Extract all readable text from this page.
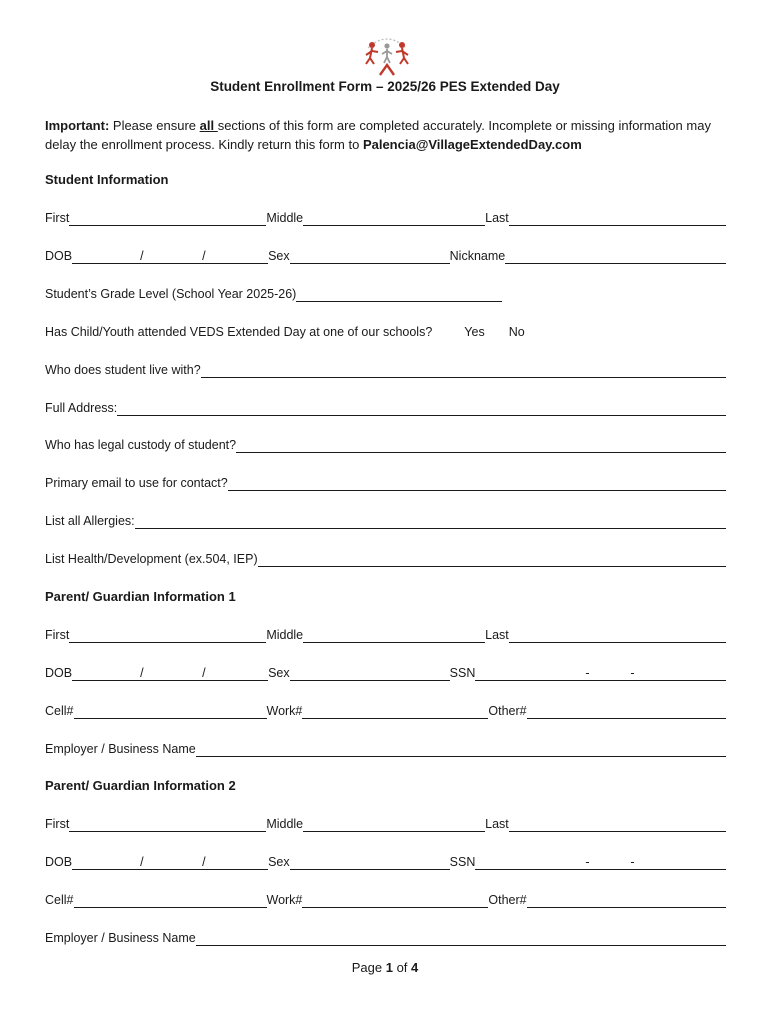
Student Enrollment Form – 2025/26 PES Extended Day
Important: Please ensure all sections of this form are completed accurately. Incomplete or missing information may delay the enrollment process. Kindly return this form to Palencia@VillageExtendedDay.com
Student Information
First	Middle	Last
DOB	/	/	Sex	Nickname
Student’s Grade Level (School Year 2025-26)
Has Child/Youth attended VEDS Extended Day at one of our schools?	Yes No
Who does student live with?
Full Address:
Who has legal custody of student?
Primary email to use for contact?
List all Allergies:
List Health/Development (ex.504, IEP)
Parent/ Guardian Information 1
First	Middle	Last
DOB	/	/	Sex	SSN	-	-
Cell#	Work#	Other#
Employer / Business Name
Parent/ Guardian Information 2
First	Middle	Last
DOB	/	/	Sex	SSN	-	-
Cell#	Work#	Other#
Employer / Business Name
Page 1 of 4
